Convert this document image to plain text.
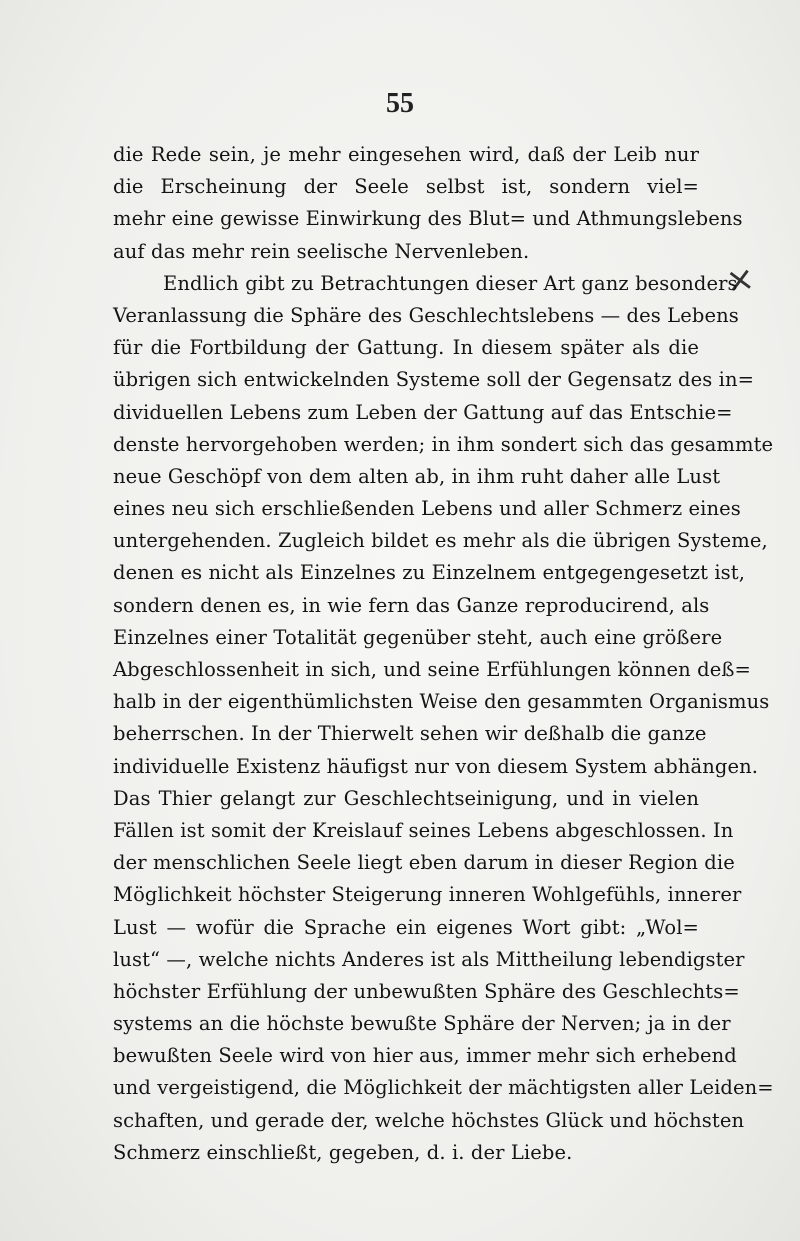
55
×
die Rede sein, je mehr eingesehen wird, daß der Leib nur
die Erscheinung der Seele selbst ist, sondern viel=
mehr eine gewisse Einwirkung des Blut= und Athmungslebens
auf das mehr rein seelische Nervenleben.
Endlich gibt zu Betrachtungen dieser Art ganz besonders
Veranlassung die Sphäre des Geschlechtslebens — des Lebens
für die Fortbildung der Gattung. In diesem später als die
übrigen sich entwickelnden Systeme soll der Gegensatz des in=
dividuellen Lebens zum Leben der Gattung auf das Entschie=
denste hervorgehoben werden; in ihm sondert sich das gesammte
neue Geschöpf von dem alten ab, in ihm ruht daher alle Lust
eines neu sich erschließenden Lebens und aller Schmerz eines
untergehenden. Zugleich bildet es mehr als die übrigen Systeme,
denen es nicht als Einzelnes zu Einzelnem entgegengesetzt ist,
sondern denen es, in wie fern das Ganze reproducirend, als
Einzelnes einer Totalität gegenüber steht, auch eine größere
Abgeschlossenheit in sich, und seine Erfühlungen können deß=
halb in der eigenthümlichsten Weise den gesammten Organismus
beherrschen. In der Thierwelt sehen wir deßhalb die ganze
individuelle Existenz häufigst nur von diesem System abhängen.
Das Thier gelangt zur Geschlechtseinigung, und in vielen
Fällen ist somit der Kreislauf seines Lebens abgeschlossen. In
der menschlichen Seele liegt eben darum in dieser Region die
Möglichkeit höchster Steigerung inneren Wohlgefühls, innerer
Lust — wofür die Sprache ein eigenes Wort gibt: „Wol=
lust“ —, welche nichts Anderes ist als Mittheilung lebendigster
höchster Erfühlung der unbewußten Sphäre des Geschlechts=
systems an die höchste bewußte Sphäre der Nerven; ja in der
bewußten Seele wird von hier aus, immer mehr sich erhebend
und vergeistigend, die Möglichkeit der mächtigsten aller Leiden=
schaften, und gerade der, welche höchstes Glück und höchsten
Schmerz einschließt, gegeben, d. i. der Liebe.
